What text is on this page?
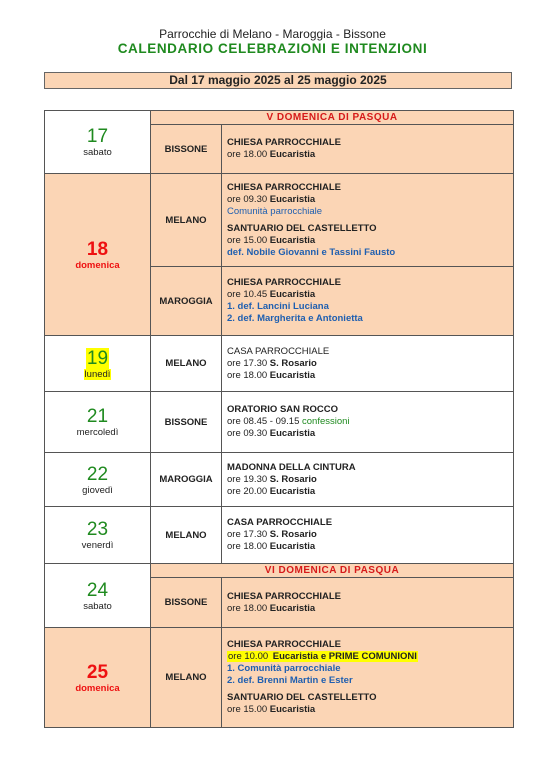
Parrocchie di Melano - Maroggia - Bissone
CALENDARIO CELEBRAZIONI E INTENZIONI
Dal 17 maggio 2025 al 25 maggio 2025
17
sabato
V DOMENICA DI PASQUA
BISSONE
CHIESA PARROCCHIALE
ore 18.00 Eucaristia
18
domenica
MELANO
CHIESA PARROCCHIALE
ore 09.30 Eucaristia
Comunità parrocchiale
SANTUARIO DEL CASTELLETTO
ore 15.00 Eucaristia
def. Nobile Giovanni e Tassini Fausto
MAROGGIA
CHIESA PARROCCHIALE
ore 10.45 Eucaristia
1. def. Lancini Luciana
2. def. Margherita e Antonietta
19
lunedì
MELANO
CASA PARROCCHIALE
ore 17.30 S. Rosario
ore 18.00 Eucaristia
21
mercoledì
BISSONE
ORATORIO SAN ROCCO
ore 08.45 - 09.15 confessioni
ore 09.30 Eucaristia
22
giovedì
MAROGGIA
MADONNA DELLA CINTURA
ore 19.30 S. Rosario
ore 20.00 Eucaristia
23
venerdì
MELANO
CASA PARROCCHIALE
ore 17.30 S. Rosario
ore 18.00 Eucaristia
24
sabato
VI DOMENICA DI PASQUA
BISSONE
CHIESA PARROCCHIALE
ore 18.00 Eucaristia
25
domenica
MELANO
CHIESA PARROCCHIALE
ore 10.00 Eucaristia e PRIME COMUNIONI
1. Comunità parrocchiale
2. def. Brenni Martin e Ester
SANTUARIO DEL CASTELLETTO
ore 15.00 Eucaristia
